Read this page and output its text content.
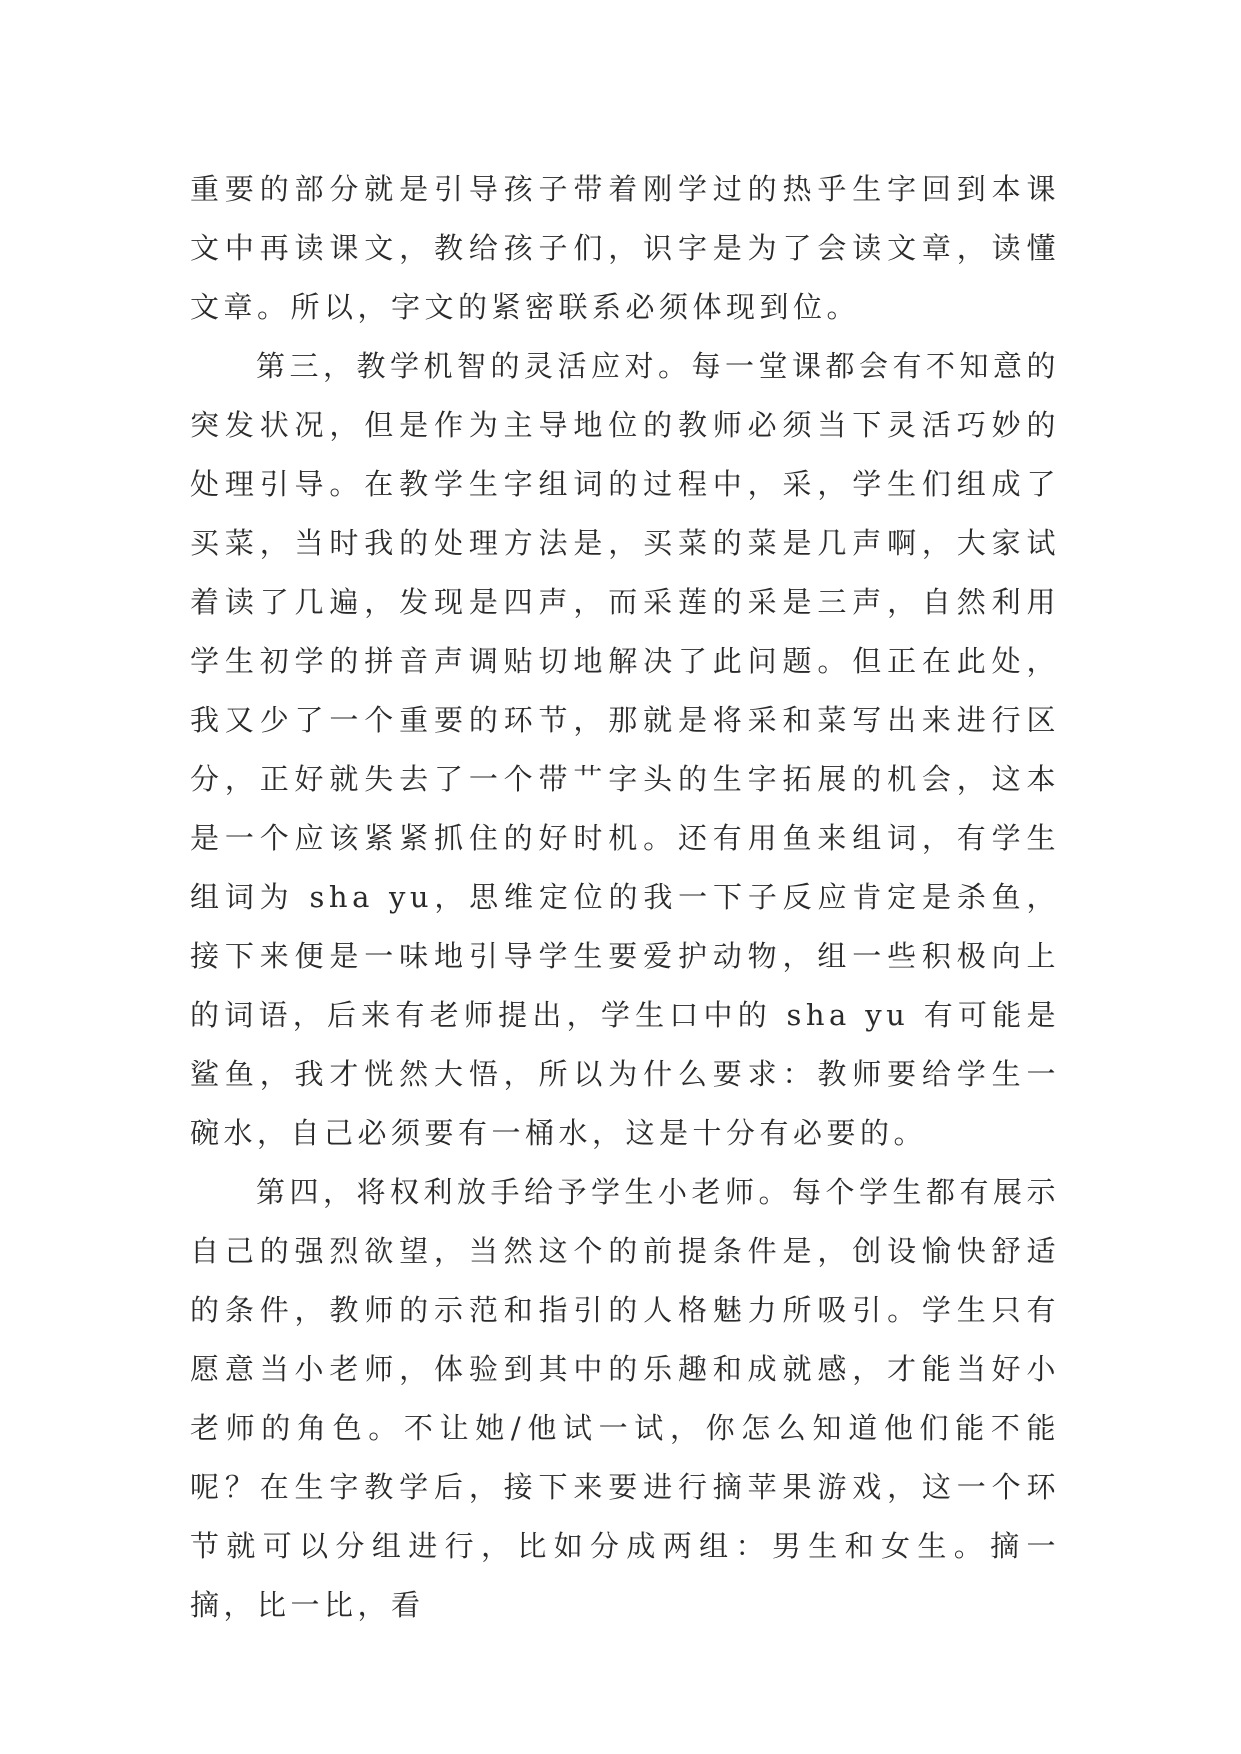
重要的部分就是引导孩子带着刚学过的热乎生字回到本课文中再读课文，教给孩子们，识字是为了会读文章，读懂文章。所以，字文的紧密联系必须体现到位。

第三，教学机智的灵活应对。每一堂课都会有不知意的突发状况，但是作为主导地位的教师必须当下灵活巧妙的处理引导。在教学生字组词的过程中，采，学生们组成了买菜，当时我的处理方法是，买菜的菜是几声啊，大家试着读了几遍，发现是四声，而采莲的采是三声，自然利用学生初学的拼音声调贴切地解决了此问题。但正在此处，我又少了一个重要的环节，那就是将采和菜写出来进行区分，正好就失去了一个带艹字头的生字拓展的机会，这本是一个应该紧紧抓住的好时机。还有用鱼来组词，有学生组词为 sha yu，思维定位的我一下子反应肯定是杀鱼，接下来便是一味地引导学生要爱护动物，组一些积极向上的词语，后来有老师提出，学生口中的 sha yu 有可能是鲨鱼，我才恍然大悟，所以为什么要求：教师要给学生一碗水，自己必须要有一桶水，这是十分有必要的。

第四，将权利放手给予学生小老师。每个学生都有展示自己的强烈欲望，当然这个的前提条件是，创设愉快舒适的条件，教师的示范和指引的人格魅力所吸引。学生只有愿意当小老师，体验到其中的乐趣和成就感，才能当好小老师的角色。不让她/他试一试，你怎么知道他们能不能呢？在生字教学后，接下来要进行摘苹果游戏，这一个环节就可以分组进行，比如分成两组：男生和女生。摘一摘，比一比，看
